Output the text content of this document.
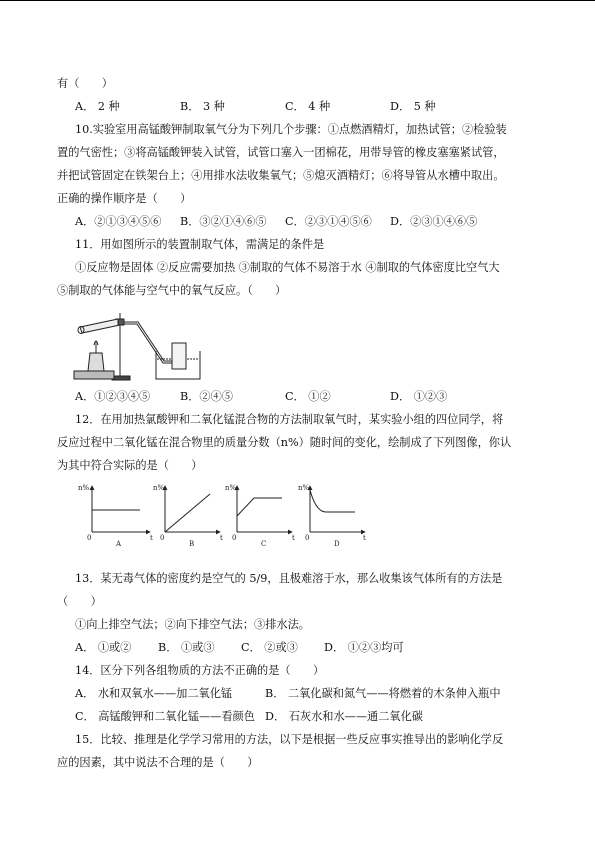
有（　　）
A． 2 种	B． 3 种	C． 4 种	D． 5 种
10.实验室用高锰酸钾制取氧气分为下列几个步骤：①点燃酒精灯，加热试管；②检验装
置的气密性；③将高锰酸钾装入试管，试管口塞入一团棉花，用带导管的橡皮塞塞紧试管，
并把试管固定在铁架台上；④用排水法收集氧气；⑤熄灭酒精灯；⑥将导管从水槽中取出。
正确的操作顺序是（　　）
A．②①③④⑤⑥ B．③②①④⑥⑤ C．②③①④⑤⑥ D．②③①④⑥⑤
11．用如图所示的装置制取气体，需满足的条件是
①反应物是固体 ②反应需要加热 ③制取的气体不易溶于水 ④制取的气体密度比空气大
⑤制取的气体能与空气中的氧气反应。（　　）
A．①②③④⑤	B．②④⑤	C． ①②	D． ①②③
12．在用加热氯酸钾和二氧化锰混合物的方法制取氧气时，某实验小组的四位同学，将
反应过程中二氧化锰在混合物里的质量分数（n%）随时间的变化，绘制成了下列图像，你认
为其中符合实际的是（　　）
n%
t
0
A
n%
t
0
B
n%
t
0
C
n%
t
0
D
13．某无毒气体的密度约是空气的 5/9，且极难溶于水，那么收集该气体所有的方法是
（　　）
①向上排空气法；②向下排空气法；③排水法。
A． ①或② B． ①或③ C． ②或③ D． ①②③均可
14．区分下列各组物质的方法不正确的是（　　）
A． 水和双氧水——加二氧化锰	B． 二氧化碳和氮气——将燃着的木条伸入瓶中
C． 高锰酸钾和二氧化锰——看颜色 D． 石灰水和水——通二氧化碳
15．比较、推理是化学学习常用的方法，以下是根据一些反应事实推导出的影响化学反
应的因素，其中说法不合理的是（　　）
